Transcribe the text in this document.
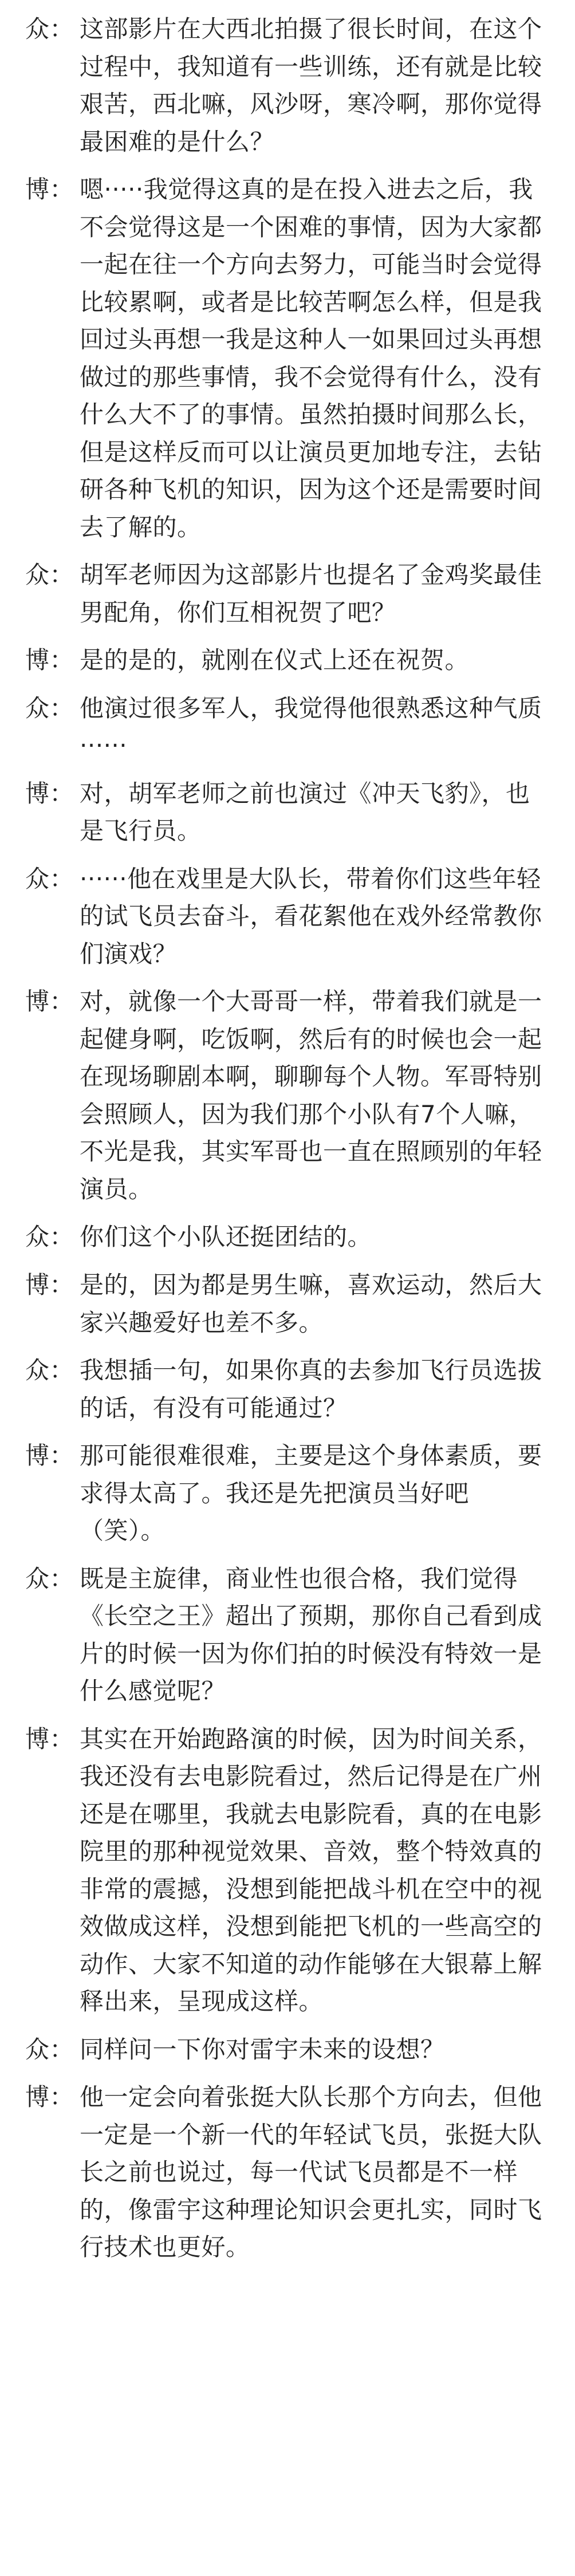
众： 这部影片在大西北拍摄了很长时间，在这个过程中，我知道有一些训练，还有就是比较艰苦，西北嘛，风沙呀，寒冷啊，那你觉得最困难的是什么？
博： 嗯·····我觉得这真的是在投入进去之后，我不会觉得这是一个困难的事情，因为大家都一起在往一个方向去努力，可能当时会觉得比较累啊，或者是比较苦啊怎么样，但是我回过头再想一我是这种人一如果回过头再想做过的那些事情，我不会觉得有什么，没有什么大不了的事情。虽然拍摄时间那么长，但是这样反而可以让演员更加地专注，去钻研各种飞机的知识，因为这个还是需要时间去了解的。
众： 胡军老师因为这部影片也提名了金鸡奖最佳男配角，你们互相祝贺了吧？
博： 是的是的，就刚在仪式上还在祝贺。
众： 他演过很多军人，我觉得他很熟悉这种气质······
博： 对，胡军老师之前也演过《冲天飞豹》，也是飞行员。
众： ······他在戏里是大队长，带着你们这些年轻的试飞员去奋斗，看花絮他在戏外经常教你们演戏？
博： 对，就像一个大哥哥一样，带着我们就是一起健身啊，吃饭啊，然后有的时候也会一起在现场聊剧本啊，聊聊每个人物。军哥特别会照顾人，因为我们那个小队有7个人嘛，不光是我，其实军哥也一直在照顾别的年轻演员。
众： 你们这个小队还挺团结的。
博： 是的，因为都是男生嘛，喜欢运动，然后大家兴趣爱好也差不多。
众： 我想插一句，如果你真的去参加飞行员选拔的话，有没有可能通过？
博： 那可能很难很难，主要是这个身体素质，要求得太高了。我还是先把演员当好吧（笑）。
众： 既是主旋律，商业性也很合格，我们觉得《长空之王》超出了预期，那你自己看到成片的时候一因为你们拍的时候没有特效一是什么感觉呢？
博： 其实在开始跑路演的时候，因为时间关系，我还没有去电影院看过，然后记得是在广州还是在哪里，我就去电影院看，真的在电影院里的那种视觉效果、音效，整个特效真的非常的震撼，没想到能把战斗机在空中的视效做成这样，没想到能把飞机的一些高空的动作、大家不知道的动作能够在大银幕上解释出来，呈现成这样。
众： 同样问一下你对雷宇未来的设想？
博： 他一定会向着张挺大队长那个方向去，但他一定是一个新一代的年轻试飞员，张挺大队长之前也说过，每一代试飞员都是不一样的，像雷宇这种理论知识会更扎实，同时飞行技术也更好。
